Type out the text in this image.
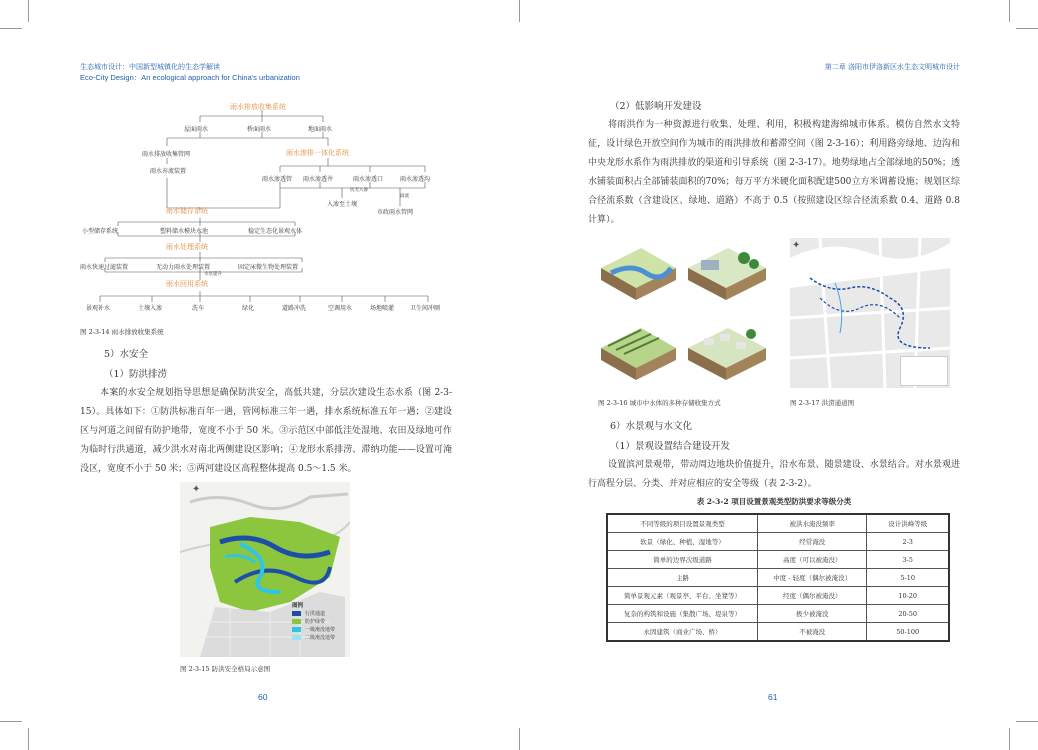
生态城市设计：中国新型城镇化的生态学解读
Eco-City Design：An ecological approach for China's urbanization
第二章 洛阳市伊洛新区水生态文明城市设计
雨水排放收集系统
屋面雨水	桥面雨水	地面雨水
雨水排放收集管网
雨水弃流装置
雨水渗排一体化系统
雨水渗透管 雨水渗透井	雨水渗透口	雨水渗透沟
抗无入渗
溢流
入渗至土壤
市政雨水管网
雨水储存系统
小型储存系统	塑料储水模块水池	稳定生态化景观水体
雨水处理系统
雨水快速过滤装置	无动力雨水处理装置	固定床微生物处理装置
水泵提升
雨水回用系统
景观补水	土壤入渗	洗车	绿化	道路冲洗	空调用水	场地喷灌	卫生间冲厕
图 2-3-14 雨水排放收集系统
5）水安全
（1）防洪排涝
本案的水安全规划指导思想是确保防洪安全，高低共建，分层次建设生态水系（图 2-3-15）。具体如下：①防洪标准百年一遇，管网标准三年一遇，排水系统标准五年一遇；②建设区与河道之间留有防护地带，宽度不小于 50 米。③示范区中部低洼处湿地、农田及绿地可作为临时行洪通道，减少洪水对南北两侧建设区影响；④龙形水系排涝、滞纳功能——设置可淹没区，宽度不小于 50 米；⑤两河建设区高程整体提高 0.5～1.5 米。
✦
图例
行洪通道
防护绿带
一级淹没地带
二级淹没地带
图 2-3-15 防洪安全格局示意图
60
（2）低影响开发建设
将雨洪作为一种资源进行收集、处理、利用，积极构建海绵城市体系。模仿自然水文特征，设计绿色开放空间作为城市的雨洪排放和蓄滞空间（图 2-3-16）；利用路旁绿地、边沟和中央龙形水系作为雨洪排放的渠道和引导系统（图 2-3-17）。地势绿地占全部绿地的50%；透水铺装面积占全部铺装面积的70%；每万平方米硬化面积配建500立方米调蓄设施；规划区综合径流系数（含建设区、绿地、道路）不高于 0.5（按照建设区综合径流系数 0.4、道路 0.8 计算）。
图 2-3-16 城市中水体的多种存储收集方式
✦
图 2-3-17 洪涝通道图
6）水景观与水文化
（1）景观设置结合建设开发
设置滨河景观带，带动周边地块价值提升，沿水布景、随景建设、水景结合。对水景观进行高程分层、分类、并对应相应的安全等级（表 2-3-2）。
表 2-3-2 项目设置景观类型防洪要求等级分类
不同等级的项目设置景观类型	被洪水淹没频率	设计洪峰等级
软景（绿化、种植、湿地等）	经常淹没	2-3
简单的边界次级道路	高度（可以被淹没）	3-5
主路	中度 - 轻度（偶尔被淹没）	5-10
简单景观元素（观景亭、平台、坐凳等）	经度（偶尔被淹没）	10-20
复杂的构筑和设施（集散广场、堤泉等）	极少被淹没	20-50
永固建筑（商业广场、桥）	不被淹没	50-100
61
